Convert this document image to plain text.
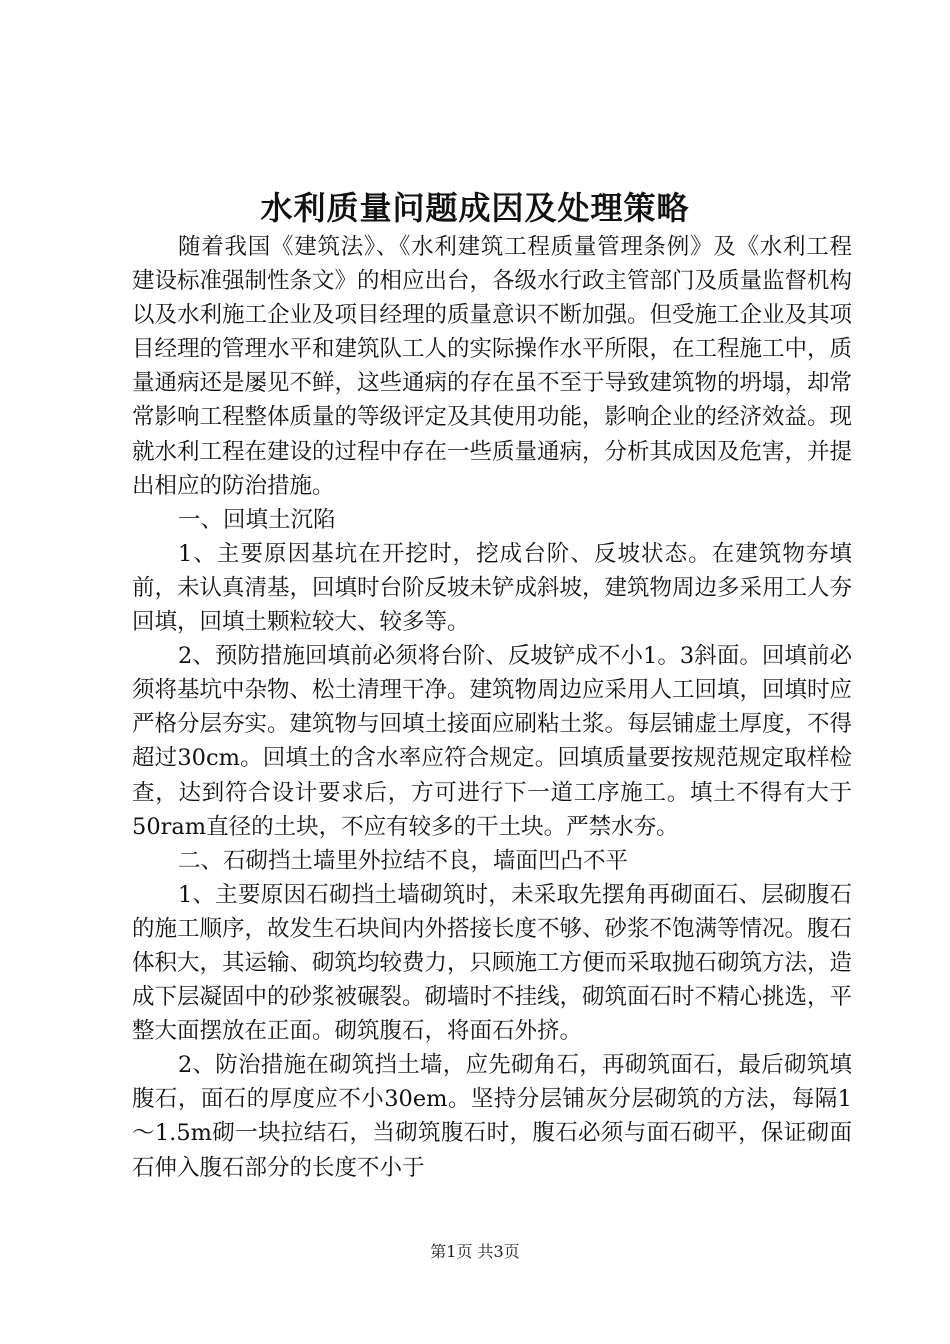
水利质量问题成因及处理策略

随着我国《建筑法》、《水利建筑工程质量管理条例》及《水利工程建设标准强制性条文》的相应出台，各级水行政主管部门及质量监督机构以及水利施工企业及项目经理的质量意识不断加强。但受施工企业及其项目经理的管理水平和建筑队工人的实际操作水平所限，在工程施工中，质量通病还是屡见不鲜，这些通病的存在虽不至于导致建筑物的坍塌，却常常影响工程整体质量的等级评定及其使用功能，影响企业的经济效益。现就水利工程在建设的过程中存在一些质量通病，分析其成因及危害，并提出相应的防治措施。

一、回填土沉陷

1、主要原因基坑在开挖时，挖成台阶、反坡状态。在建筑物夯填前，未认真清基，回填时台阶反坡未铲成斜坡，建筑物周边多采用工人夯回填，回填土颗粒较大、较多等。

2、预防措施回填前必须将台阶、反坡铲成不小1。3斜面。回填前必须将基坑中杂物、松土清理干净。建筑物周边应采用人工回填，回填时应严格分层夯实。建筑物与回填土接面应刷粘土浆。每层铺虚土厚度，不得超过30cm。回填土的含水率应符合规定。回填质量要按规范规定取样检查，达到符合设计要求后，方可进行下一道工序施工。填土不得有大于50ram直径的土块，不应有较多的干土块。严禁水夯。

二、石砌挡土墙里外拉结不良，墙面凹凸不平

1、主要原因石砌挡土墙砌筑时，未采取先摆角再砌面石、层砌腹石的施工顺序，故发生石块间内外搭接长度不够、砂浆不饱满等情况。腹石体积大，其运输、砌筑均较费力，只顾施工方便而采取抛石砌筑方法，造成下层凝固中的砂浆被碾裂。砌墙时不挂线，砌筑面石时不精心挑选，平整大面摆放在正面。砌筑腹石，将面石外挤。

2、防治措施在砌筑挡土墙，应先砌角石，再砌筑面石，最后砌筑填腹石，面石的厚度应不小30em。坚持分层铺灰分层砌筑的方法，每隔1～1.5m砌一块拉结石，当砌筑腹石时，腹石必须与面石砌平，保证砌面石伸入腹石部分的长度不小于

第1页 共3页
